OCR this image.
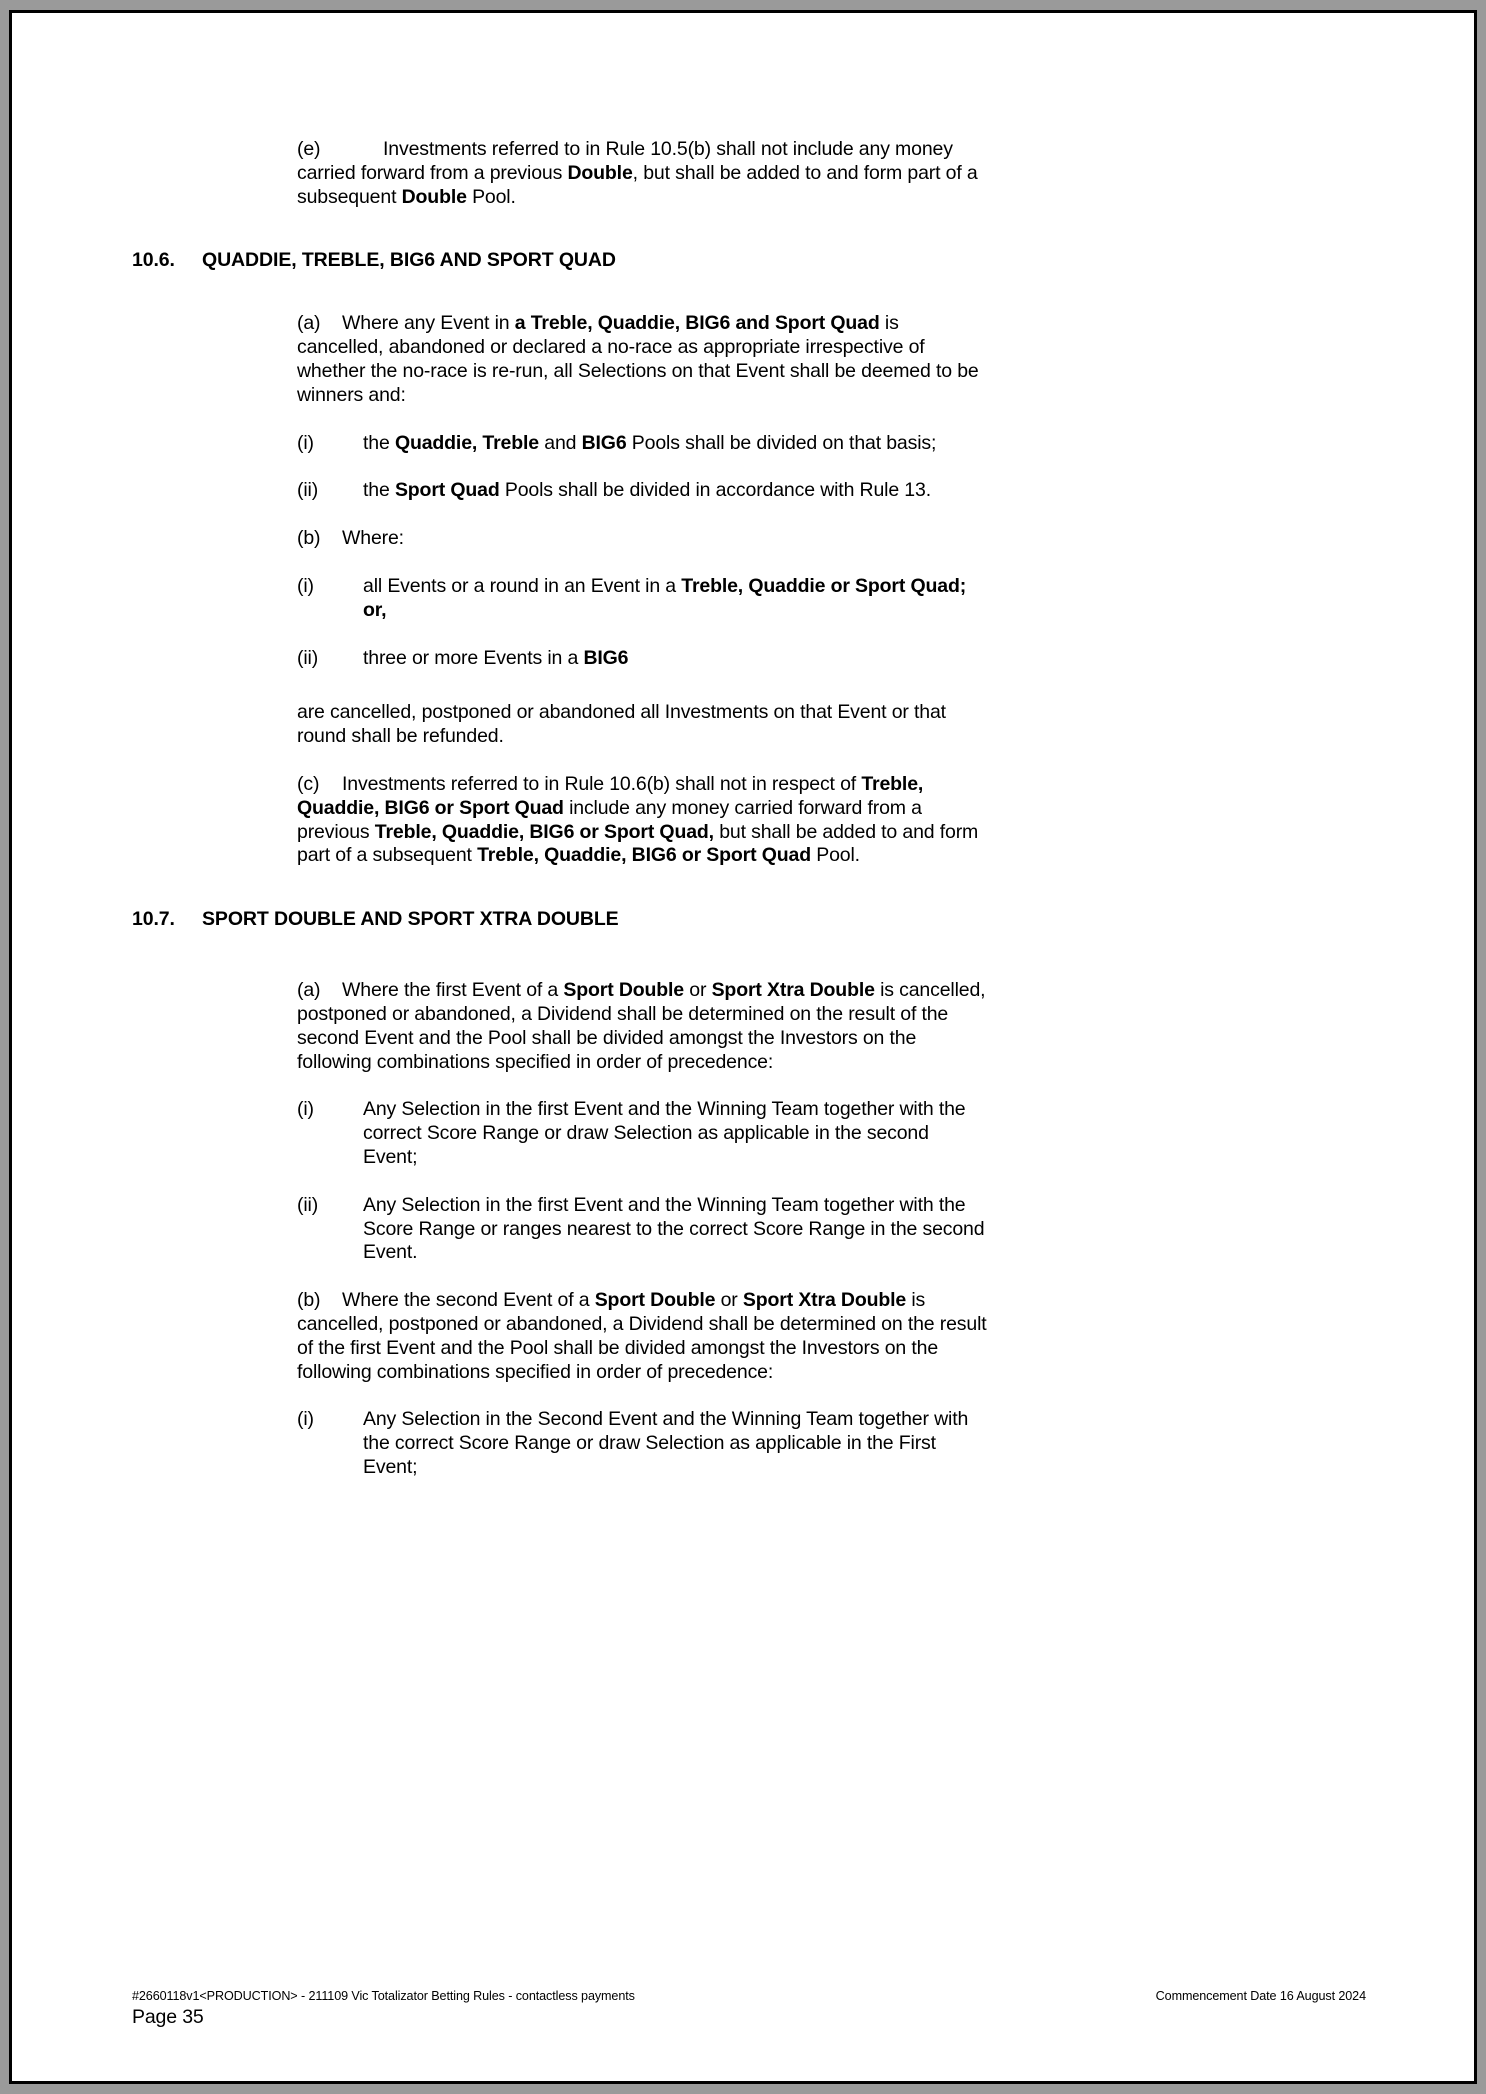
(e)	Investments referred to in Rule 10.5(b) shall not include any money carried forward from a previous Double, but shall be added to and form part of a subsequent Double Pool.

10.6.	QUADDIE, TREBLE, BIG6 AND SPORT QUAD

(a) Where any Event in a Treble, Quaddie, BIG6 and Sport Quad is cancelled, abandoned or declared a no-race as appropriate irrespective of whether the no-race is re-run, all Selections on that Event shall be deemed to be winners and:

(i)	the Quaddie, Treble and BIG6 Pools shall be divided on that basis;
(ii)	the Sport Quad Pools shall be divided in accordance with Rule 13.

(b) Where:

(i)	all Events or a round in an Event in a Treble, Quaddie or Sport Quad; or,
(ii)	three or more Events in a BIG6

are cancelled, postponed or abandoned all Investments on that Event or that round shall be refunded.

(c) Investments referred to in Rule 10.6(b) shall not in respect of Treble, Quaddie, BIG6 or Sport Quad include any money carried forward from a previous Treble, Quaddie, BIG6 or Sport Quad, but shall be added to and form part of a subsequent Treble, Quaddie, BIG6 or Sport Quad Pool.

10.7.	SPORT DOUBLE AND SPORT XTRA DOUBLE

(a) Where the first Event of a Sport Double or Sport Xtra Double is cancelled, postponed or abandoned, a Dividend shall be determined on the result of the second Event and the Pool shall be divided amongst the Investors on the following combinations specified in order of precedence:

(i)	Any Selection in the first Event and the Winning Team together with the correct Score Range or draw Selection as applicable in the second Event;
(ii)	Any Selection in the first Event and the Winning Team together with the Score Range or ranges nearest to the correct Score Range in the second Event.

(b) Where the second Event of a Sport Double or Sport Xtra Double is cancelled, postponed or abandoned, a Dividend shall be determined on the result of the first Event and the Pool shall be divided amongst the Investors on the following combinations specified in order of precedence:

(i)	Any Selection in the Second Event and the Winning Team together with the correct Score Range or draw Selection as applicable in the First Event;
#2660118v1<PRODUCTION> - 211109 Vic Totalizator Betting Rules - contactless payments	Commencement Date 16 August 2024
Page 35
